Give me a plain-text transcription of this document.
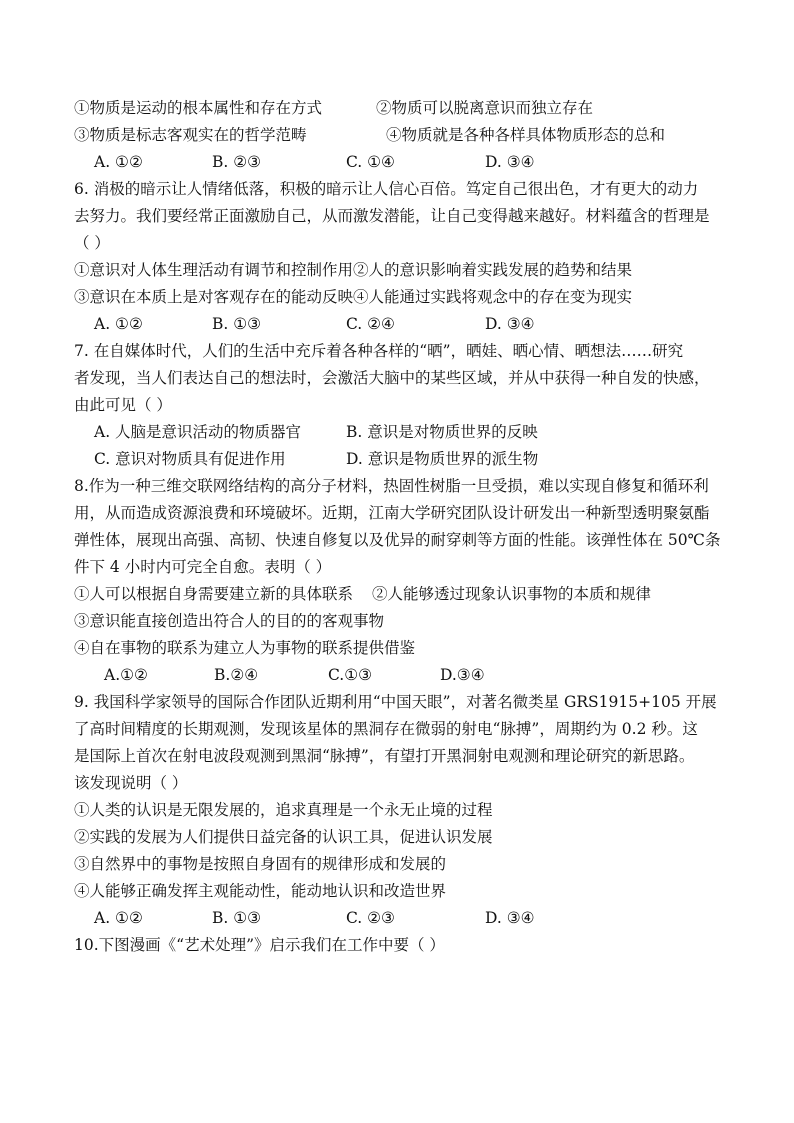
①物质是运动的根本属性和存在方式	②物质可以脱离意识而独立存在
③物质是标志客观实在的哲学范畴	④物质就是各种各样具体物质形态的总和
A. ①②	B. ②③	C. ①④	D. ③④
6. 消极的暗示让人情绪低落，积极的暗示让人信心百倍。笃定自己很出色，才有更大的动力
去努力。我们要经常正面激励自己，从而激发潜能，让自己变得越来越好。材料蕴含的哲理是
（ ）
①意识对人体生理活动有调节和控制作用②人的意识影响着实践发展的趋势和结果
③意识在本质上是对客观存在的能动反映④人能通过实践将观念中的存在变为现实
A. ①②	B. ①③	C. ②④	D. ③④
7. 在自媒体时代，人们的生活中充斥着各种各样的“晒”，晒娃、晒心情、晒想法……研究
者发现，当人们表达自己的想法时，会激活大脑中的某些区域，并从中获得一种自发的快感，
由此可见（ ）
A. 人脑是意识活动的物质器官	B. 意识是对物质世界的反映
C. 意识对物质具有促进作用	D. 意识是物质世界的派生物
8.作为一种三维交联网络结构的高分子材料，热固性树脂一旦受损，难以实现自修复和循环利
用，从而造成资源浪费和环境破坏。近期，江南大学研究团队设计研发出一种新型透明聚氨酯
弹性体，展现出高强、高韧、快速自修复以及优异的耐穿刺等方面的性能。该弹性体在 50℃条
件下 4 小时内可完全自愈。表明（ ）
①人可以根据自身需要建立新的具体联系 ②人能够透过现象认识事物的本质和规律
③意识能直接创造出符合人的目的的客观事物
④自在事物的联系为建立人为事物的联系提供借鉴
A.①②	B.②④	C.①③	D.③④
9. 我国科学家领导的国际合作团队近期利用“中国天眼”，对著名微类星 GRS1915+105 开展
了高时间精度的长期观测，发现该星体的黑洞存在微弱的射电“脉搏”，周期约为 0.2 秒。这
是国际上首次在射电波段观测到黑洞“脉搏”，有望打开黑洞射电观测和理论研究的新思路。
该发现说明（ ）
①人类的认识是无限发展的，追求真理是一个永无止境的过程
②实践的发展为人们提供日益完备的认识工具，促进认识发展
③自然界中的事物是按照自身固有的规律形成和发展的
④人能够正确发挥主观能动性，能动地认识和改造世界
A. ①②	B. ①③	C. ②③	D. ③④
10.下图漫画《“艺术处理”》启示我们在工作中要（ ）
